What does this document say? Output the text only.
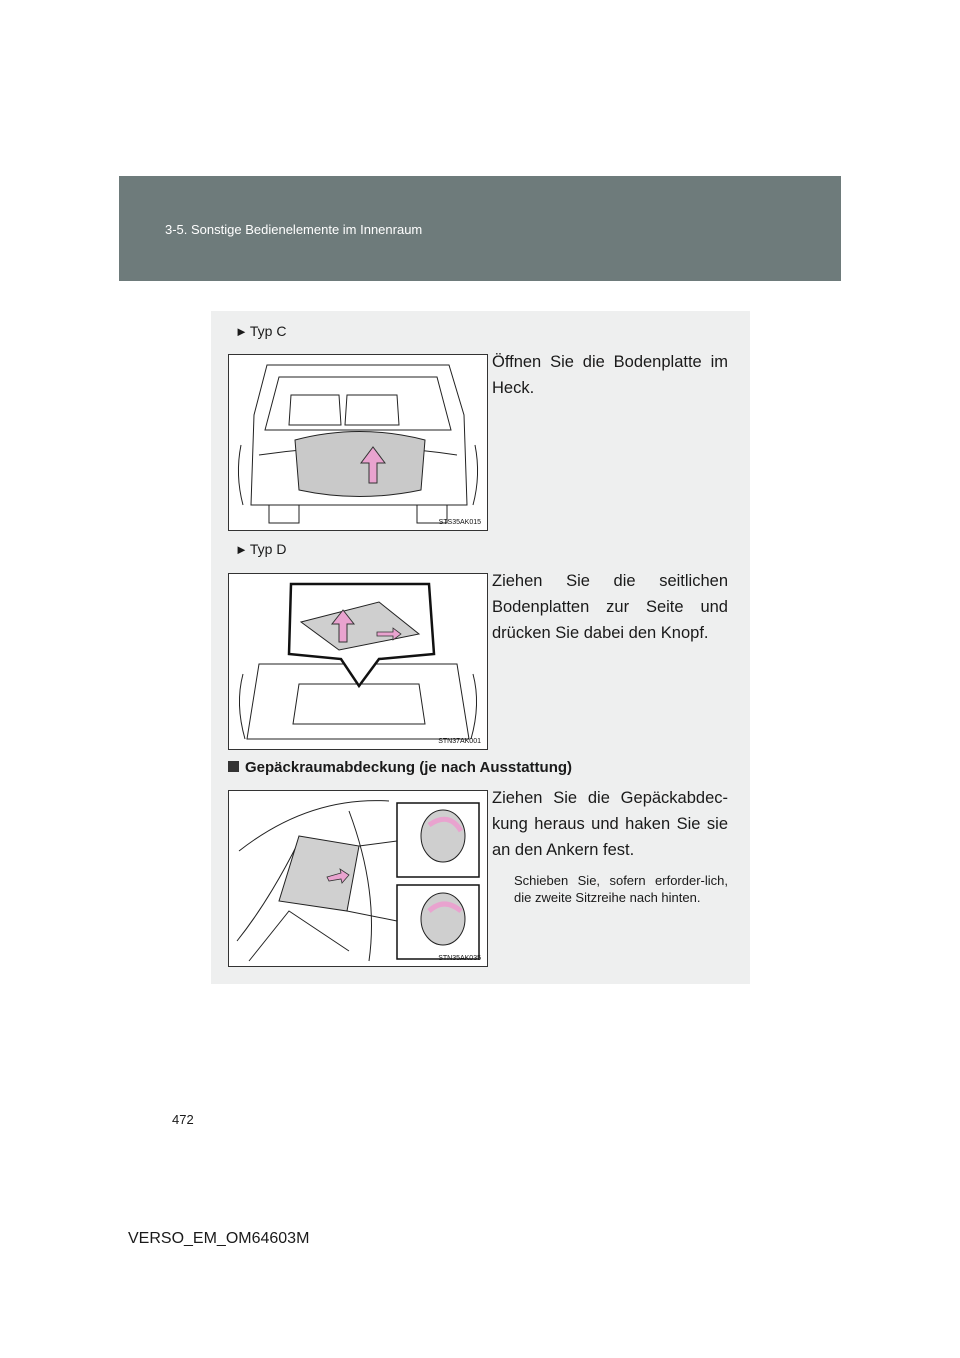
3-5. Sonstige Bedienelemente im Innenraum
► Typ C
STS35AK015
Öffnen Sie die Bodenplatte im Heck.
► Typ D
STN37AK001
Ziehen Sie die seitlichen Bodenplatten zur Seite und drücken Sie dabei den Knopf.
Gepäckraumabdeckung (je nach Ausstattung)
STN35AK035
Ziehen Sie die Gepäckabdec-kung heraus und haken Sie sie an den Ankern fest.
Schieben Sie, sofern erforder-lich, die zweite Sitzreihe nach hinten.
472
VERSO_EM_OM64603M
